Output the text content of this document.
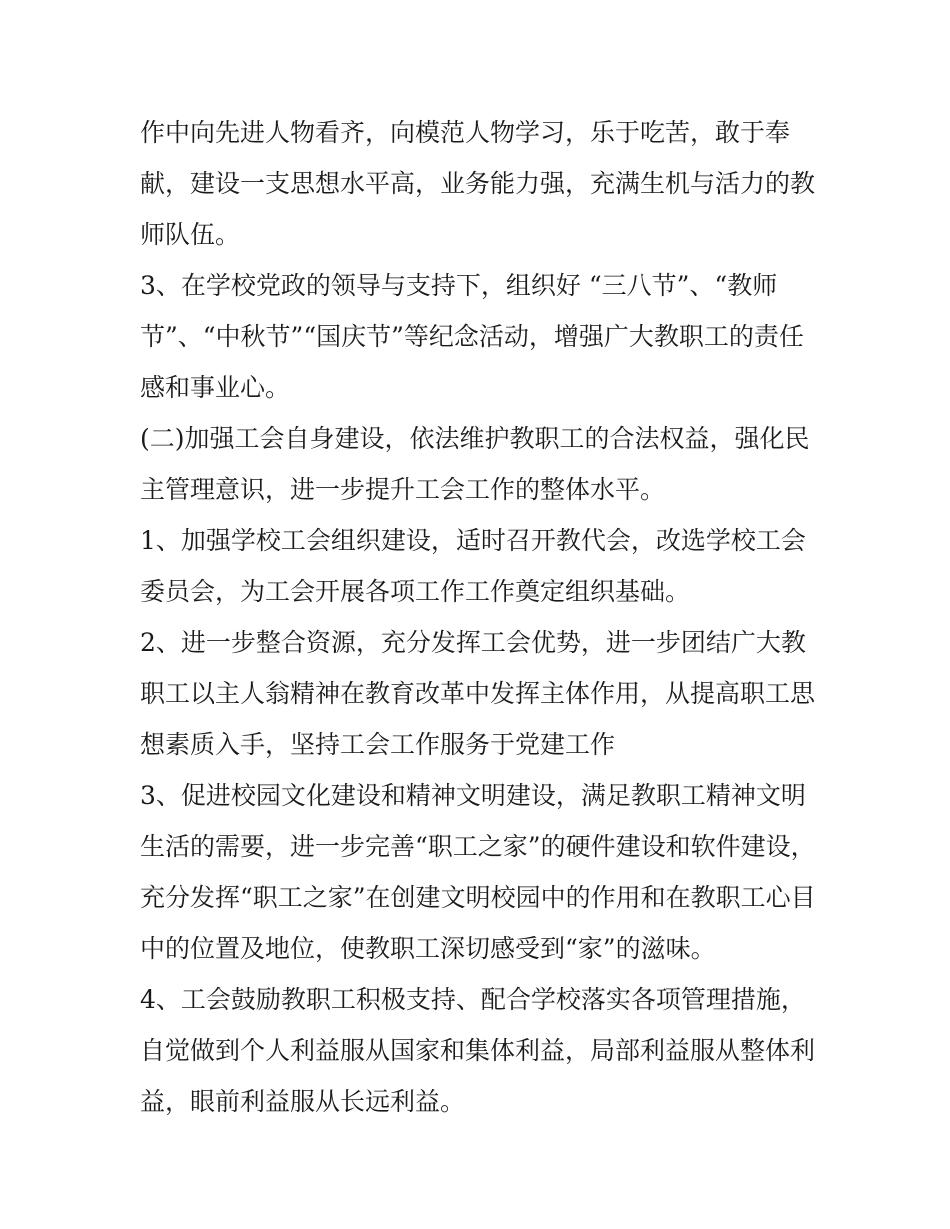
作中向先进人物看齐，向模范人物学习，乐于吃苦，敢于奉
献，建设一支思想水平高，业务能力强，充满生机与活力的教
师队伍。
3、在学校党政的领导与支持下，组织好 “三八节”、“教师
节”、“中秋节”“国庆节”等纪念活动，增强广大教职工的责任
感和事业心。
(二)加强工会自身建设，依法维护教职工的合法权益，强化民
主管理意识，进一步提升工会工作的整体水平。
1、加强学校工会组织建设，适时召开教代会，改选学校工会
委员会，为工会开展各项工作工作奠定组织基础。
2、进一步整合资源，充分发挥工会优势，进一步团结广大教
职工以主人翁精神在教育改革中发挥主体作用，从提高职工思
想素质入手，坚持工会工作服务于党建工作
3、促进校园文化建设和精神文明建设，满足教职工精神文明
生活的需要，进一步完善“职工之家”的硬件建设和软件建设，
充分发挥“职工之家”在创建文明校园中的作用和在教职工心目
中的位置及地位，使教职工深切感受到“家”的滋味。
4、工会鼓励教职工积极支持、配合学校落实各项管理措施，
自觉做到个人利益服从国家和集体利益，局部利益服从整体利
益，眼前利益服从长远利益。
